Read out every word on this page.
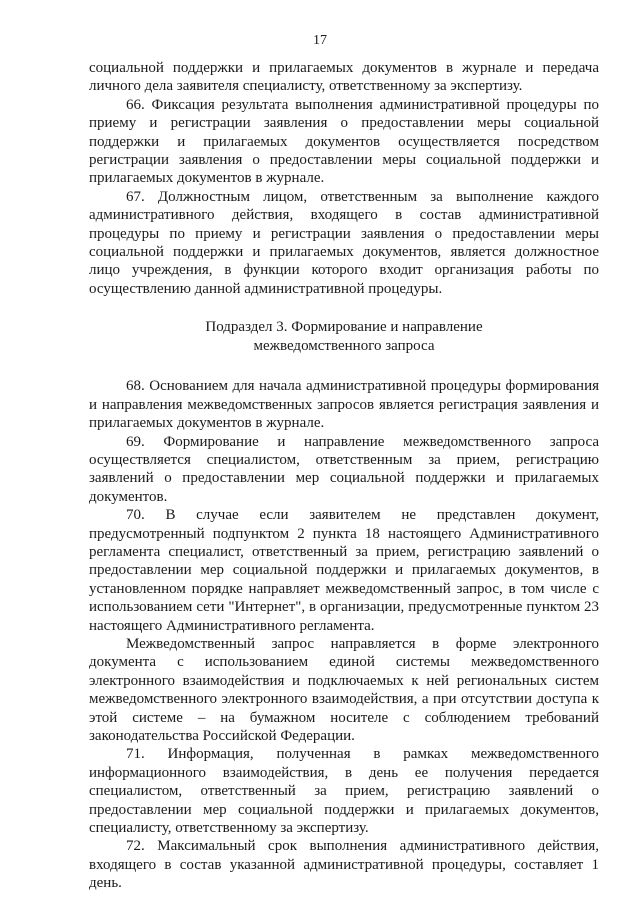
17

социальной поддержки и прилагаемых документов в журнале и передача личного дела заявителя специалисту, ответственному за экспертизу.

66. Фиксация результата выполнения административной процедуры по приему и регистрации заявления о предоставлении меры социальной поддержки и прилагаемых документов осуществляется посредством регистрации заявления о предоставлении меры социальной поддержки и прилагаемых документов в журнале.

67. Должностным лицом, ответственным за выполнение каждого административного действия, входящего в состав административной процедуры по приему и регистрации заявления о предоставлении меры социальной поддержки и прилагаемых документов, является должностное лицо учреждения, в функции которого входит организация работы по осуществлению данной административной процедуры.

Подраздел 3. Формирование и направление
межведомственного запроса

68. Основанием для начала административной процедуры формирования и направления межведомственных запросов является регистрация заявления и прилагаемых документов в журнале.

69. Формирование и направление межведомственного запроса осуществляется специалистом, ответственным за прием, регистрацию заявлений о предоставлении мер социальной поддержки и прилагаемых документов.

70. В случае если заявителем не представлен документ, предусмотренный подпунктом 2 пункта 18 настоящего Административного регламента специалист, ответственный за прием, регистрацию заявлений о предоставлении мер социальной поддержки и прилагаемых документов, в установленном порядке направляет межведомственный запрос, в том числе с использованием сети "Интернет", в организации, предусмотренные пунктом 23 настоящего Административного регламента.

Межведомственный запрос направляется в форме электронного документа с использованием единой системы межведомственного электронного взаимодействия и подключаемых к ней региональных систем межведомственного электронного взаимодействия, а при отсутствии доступа к этой системе – на бумажном носителе с соблюдением требований законодательства Российской Федерации.

71. Информация, полученная в рамках межведомственного информационного взаимодействия, в день ее получения передается специалистом, ответственный за прием, регистрацию заявлений о предоставлении мер социальной поддержки и прилагаемых документов, специалисту, ответственному за экспертизу.

72. Максимальный срок выполнения административного действия, входящего в состав указанной административной процедуры, составляет 1 день.
